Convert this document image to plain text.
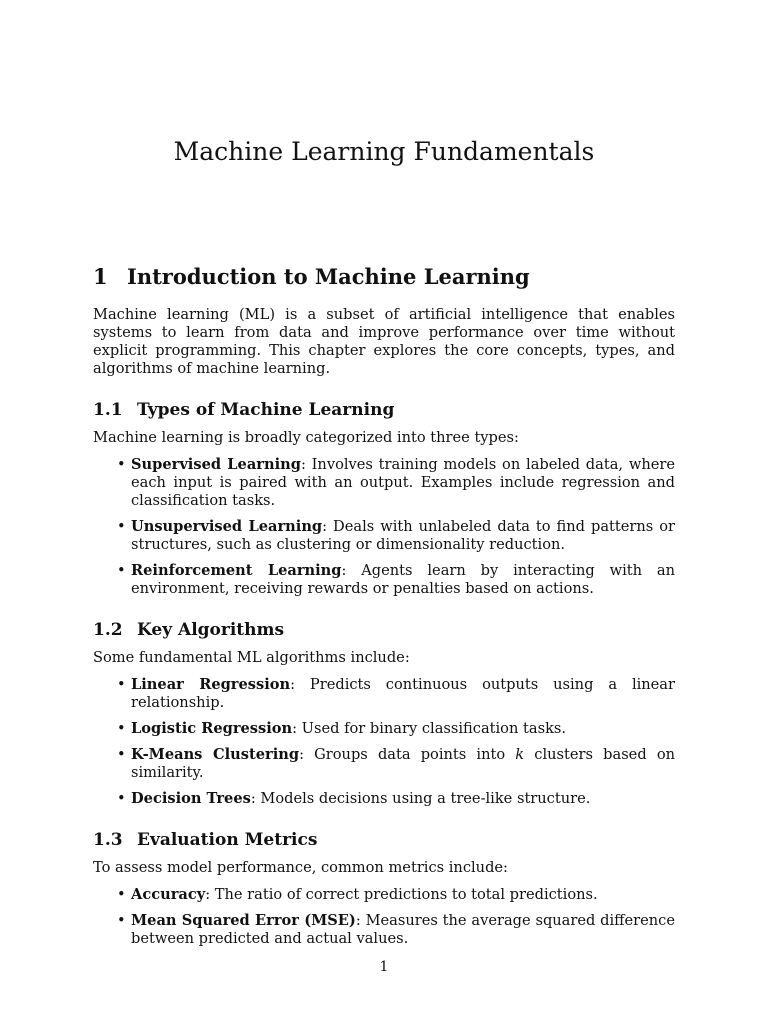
Machine Learning Fundamentals
1 Introduction to Machine Learning

Machine learning (ML) is a subset of artificial intelligence that enables systems to learn from data and improve performance over time without explicit programming. This chapter explores the core concepts, types, and algorithms of machine learning.

1.1 Types of Machine Learning

Machine learning is broadly categorized into three types:

• Supervised Learning: Involves training models on labeled data, where each input is paired with an output. Examples include regression and classification tasks.
• Unsupervised Learning: Deals with unlabeled data to find patterns or structures, such as clustering or dimensionality reduction.
• Reinforcement Learning: Agents learn by interacting with an environment, receiving rewards or penalties based on actions.
1.2 Key Algorithms

Some fundamental ML algorithms include:

• Linear Regression: Predicts continuous outputs using a linear relationship.
• Logistic Regression: Used for binary classification tasks.
• K-Means Clustering: Groups data points into k clusters based on similarity.
• Decision Trees: Models decisions using a tree-like structure.
1.3 Evaluation Metrics

To assess model performance, common metrics include:

• Accuracy: The ratio of correct predictions to total predictions.
• Mean Squared Error (MSE): Measures the average squared difference between predicted and actual values.
1
